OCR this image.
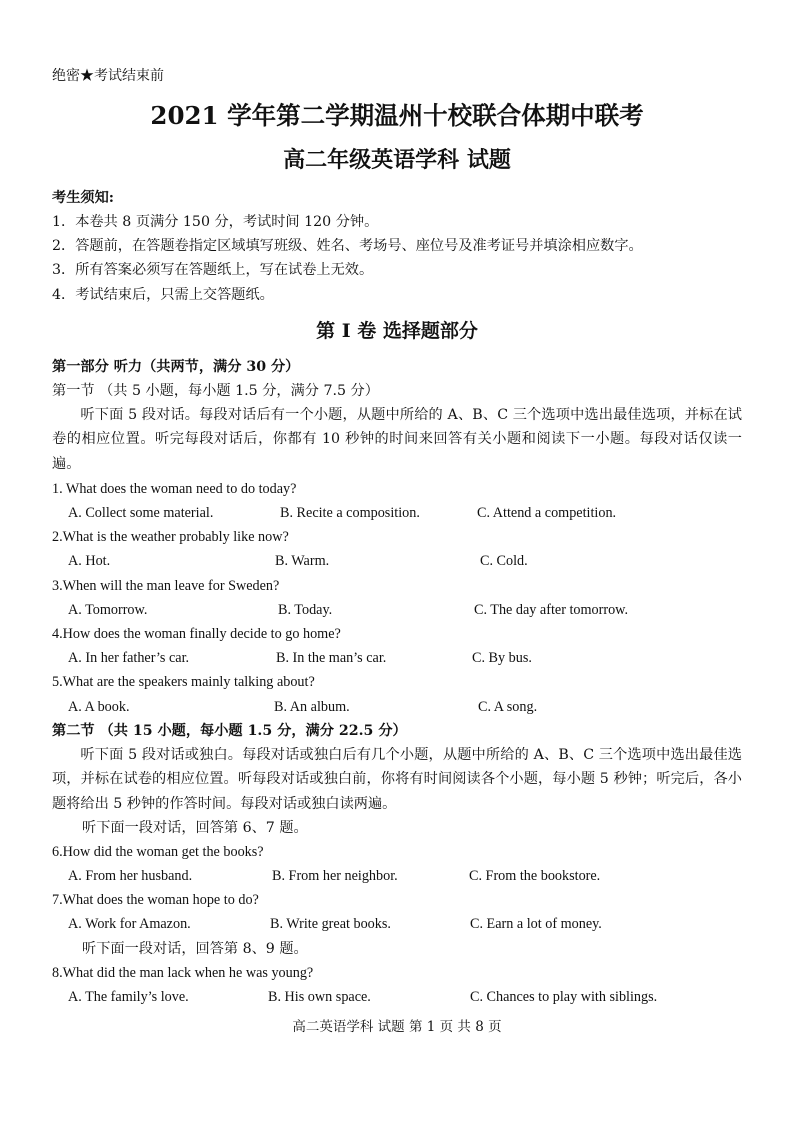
绝密★考试结束前
2021 学年第二学期温州十校联合体期中联考
高二年级英语学科 试题
考生须知:
1．本卷共 8 页满分 150 分，考试时间 120 分钟。
2．答题前，在答题卷指定区域填写班级、姓名、考场号、座位号及准考证号并填涂相应数字。
3．所有答案必须写在答题纸上，写在试卷上无效。
4．考试结束后，只需上交答题纸。
第 I 卷 选择题部分
第一部分 听力（共两节，满分 30 分）
第一节 （共 5 小题，每小题 1.5 分，满分 7.5 分）
听下面 5 段对话。每段对话后有一个小题，从题中所给的 A、B、C 三个选项中选出最佳选项，并标在试卷的相应位置。听完每段对话后，你都有 10 秒钟的时间来回答有关小题和阅读下一小题。每段对话仅读一遍。
1. What does the woman need to do today?
A. Collect some material.	B. Recite a composition.	C. Attend a competition.
2.What is the weather probably like now?
A. Hot.	B. Warm.	C. Cold.
3.When will the man leave for Sweden?
A. Tomorrow.	B. Today.	C. The day after tomorrow.
4.How does the woman finally decide to go home?
A. In her father’s car.	B. In the man’s car.	C. By bus.
5.What are the speakers mainly talking about?
A. A book.	B. An album.	C. A song.
第二节 （共 15 小题，每小题 1.5 分，满分 22.5 分）
听下面 5 段对话或独白。每段对话或独白后有几个小题，从题中所给的 A、B、C 三个选项中选出最佳选项，并标在试卷的相应位置。听每段对话或独白前，你将有时间阅读各个小题，每小题 5 秒钟；听完后，各小题将给出 5 秒钟的作答时间。每段对话或独白读两遍。
听下面一段对话，回答第 6、7 题。
6.How did the woman get the books?
A. From her husband.	B. From her neighbor.	C. From the bookstore.
7.What does the woman hope to do?
A. Work for Amazon.	B. Write great books.	C. Earn a lot of money.
听下面一段对话，回答第 8、9 题。
8.What did the man lack when he was young?
A. The family’s love.	B. His own space.	C. Chances to play with siblings.
高二英语学科 试题 第 1 页 共 8 页
